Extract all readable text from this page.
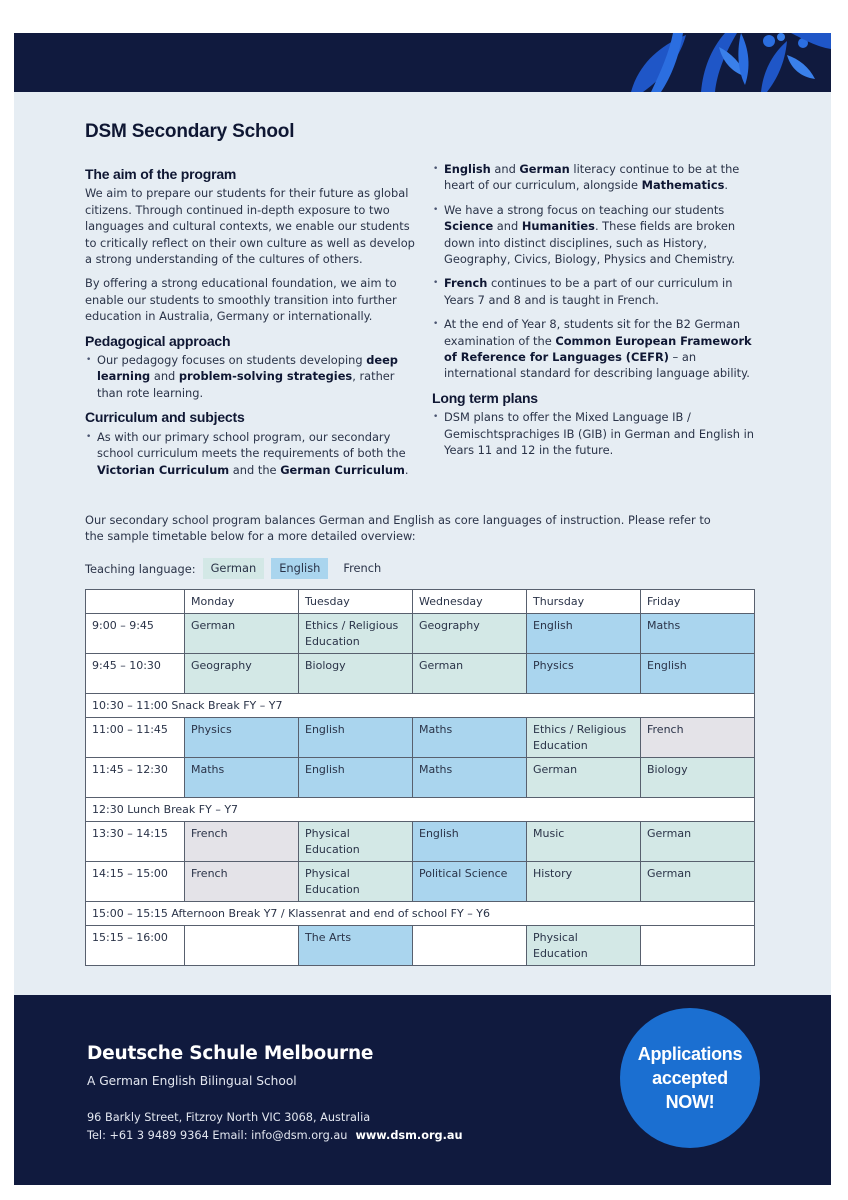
DSM Secondary School
The aim of the program

We aim to prepare our students for their future as global citizens. Through continued in-depth exposure to two languages and cultural contexts, we enable our students to critically reflect on their own culture as well as develop a strong understanding of the cultures of others.

By offering a strong educational foundation, we aim to enable our students to smoothly transition into further education in Australia, Germany or internationally.

Pedagogical approach
• Our pedagogy focuses on students developing deep learning and problem-solving strategies, rather than rote learning.
Curriculum and subjects
• As with our primary school program, our secondary school curriculum meets the requirements of both the Victorian Curriculum and the German Curriculum.
• English and German literacy continue to be at the heart of our curriculum, alongside Mathematics.
• We have a strong focus on teaching our students Science and Humanities. These fields are broken down into distinct disciplines, such as History, Geography, Civics, Biology, Physics and Chemistry.
• French continues to be a part of our curriculum in Years 7 and 8 and is taught in French.
• At the end of Year 8, students sit for the B2 German examination of the Common European Framework of Reference for Languages (CEFR) – an international standard for describing language ability.
Long term plans
• DSM plans to offer the Mixed Language IB / Gemischtsprachiges IB (GIB) in German and English in Years 11 and 12 in the future.
Our secondary school program balances German and English as core languages of instruction. Please refer to the sample timetable below for a more detailed overview:
Teaching language:	German	English	French
	Monday	Tuesday	Wednesday	Thursday	Friday
9:00 – 9:45	German	Ethics / Religious Education	Geography	English	Maths
9:45 – 10:30	Geography	Biology	German	Physics	English
10:30 – 11:00 Snack Break FY – Y7					
11:00 – 11:45	Physics	English	Maths	Ethics / Religious Education	French
11:45 – 12:30	Maths	English	Maths	German	Biology
12:30 Lunch Break FY – Y7					
13:30 – 14:15	French	Physical Education	English	Music	German
14:15 – 15:00	French	Physical Education	Political Science	History	German
15:00 – 15:15 Afternoon Break Y7 / Klassenrat and end of school FY – Y6					
15:15 – 16:00		The Arts		Physical Education	
Deutsche Schule Melbourne
A German English Bilingual School
96 Barkly Street, Fitzroy North VIC 3068, Australia
Tel: +61 3 9489 9364 Email: info@dsm.org.au www.dsm.org.au
Applications accepted NOW!
